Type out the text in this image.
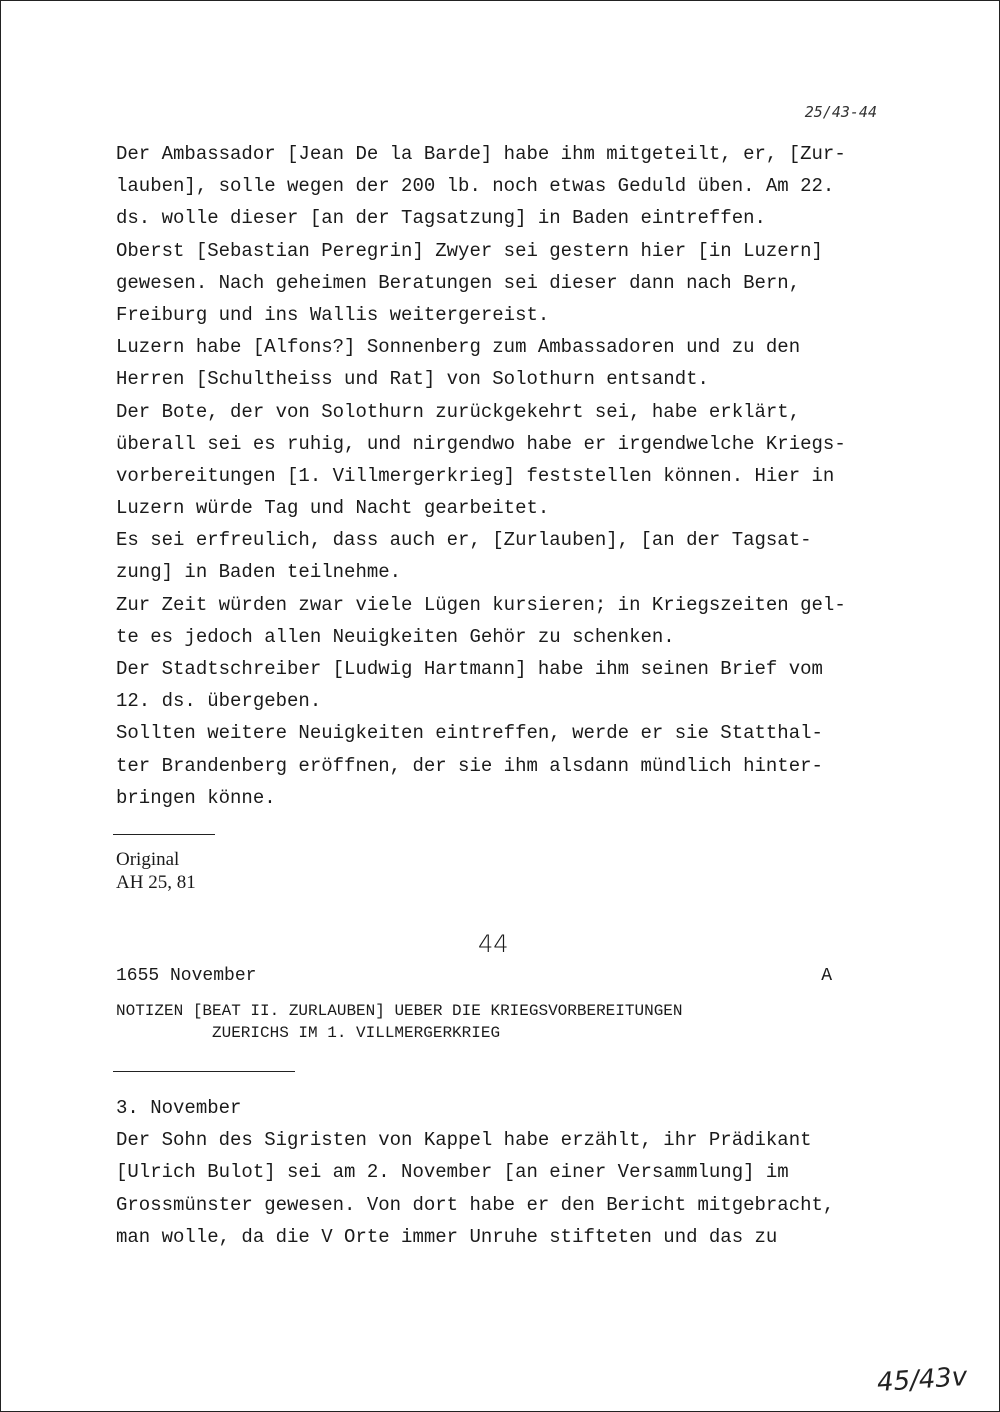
25/43-44
Der Ambassador [Jean De la Barde] habe ihm mitgeteilt, er, [Zur-
lauben], solle wegen der 200 lb. noch etwas Geduld üben. Am 22.
ds. wolle dieser [an der Tagsatzung] in Baden eintreffen.
Oberst [Sebastian Peregrin] Zwyer sei gestern hier [in Luzern]
gewesen. Nach geheimen Beratungen sei dieser dann nach Bern,
Freiburg und ins Wallis weitergereist.
Luzern habe [Alfons?] Sonnenberg zum Ambassadoren und zu den
Herren [Schultheiss und Rat] von Solothurn entsandt.
Der Bote, der von Solothurn zurückgekehrt sei, habe erklärt,
überall sei es ruhig, und nirgendwo habe er irgendwelche Kriegs-
vorbereitungen [1. Villmergerkrieg] feststellen können. Hier in
Luzern würde Tag und Nacht gearbeitet.
Es sei erfreulich, dass auch er, [Zurlauben], [an der Tagsat-
zung] in Baden teilnehme.
Zur Zeit würden zwar viele Lügen kursieren; in Kriegszeiten gel-
te es jedoch allen Neuigkeiten Gehör zu schenken.
Der Stadtschreiber [Ludwig Hartmann] habe ihm seinen Brief vom
12. ds. übergeben.
Sollten weitere Neuigkeiten eintreffen, werde er sie Statthal-
ter Brandenberg eröffnen, der sie ihm alsdann mündlich hinter-
bringen könne.
Original
AH 25, 81
44
1655 November	A
NOTIZEN [BEAT II. ZURLAUBEN] UEBER DIE KRIEGSVORBEREITUNGEN
ZUERICHS IM 1. VILLMERGERKRIEG
3. November
Der Sohn des Sigristen von Kappel habe erzählt, ihr Prädikant
[Ulrich Bulot] sei am 2. November [an einer Versammlung] im
Grossmünster gewesen. Von dort habe er den Bericht mitgebracht,
man wolle, da die V Orte immer Unruhe stifteten und das zu
45/43v
